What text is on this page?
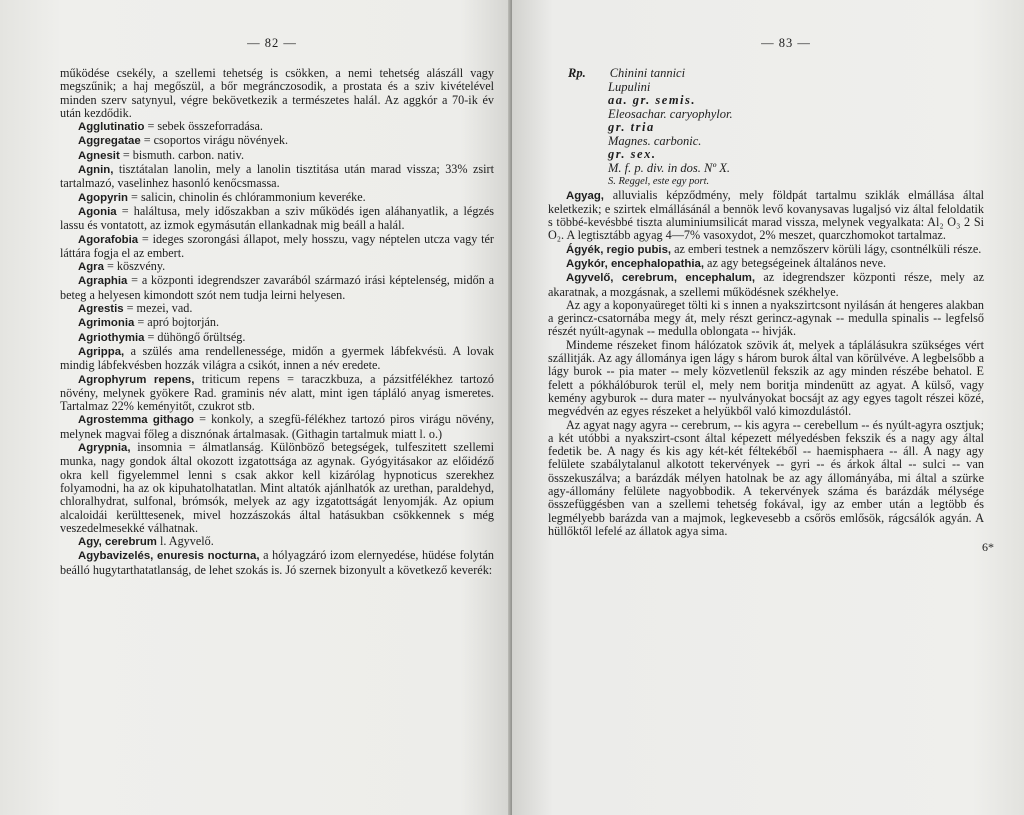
— 82 —

működése csekély, a szellemi tehetség is csökken, a nemi tehetség alászáll vagy megszűnik; a haj megőszül, a bőr megránczosodik, a prostata és a sziv kivételével minden szerv satynyul, végre bekövetkezik a természetes halál. Az aggkór a 70-ik év után kezdődik.

Agglutinatio = sebek összeforradása.

Aggregatae = csoportos virágu növények.

Agnesit = bismuth. carbon. nativ.

Agnin, tisztátalan lanolin, mely a lanolin tisztitása után marad vissza; 33% zsirt tartalmazó, vaselinhez hasonló kenőcsmassa.

Agopyrin = salicin, chinolin és chlórammonium keveréke.

Agonia = haláltusa, mely időszakban a sziv működés igen aláhanyatlik, a légzés lassu és vontatott, az izmok egymásután ellankadnak mig beáll a halál.

Agorafobia = ideges szorongási állapot, mely hosszu, vagy néptelen utcza vagy tér láttára fogja el az embert.

Agra = köszvény.

Agraphia = a központi idegrendszer zavarából származó irási képtelenség, midőn a beteg a helyesen kimondott szót nem tudja leirni helyesen.

Agrestis = mezei, vad.

Agrimonia = apró bojtorján.

Agriothymia = dühöngő őrültség.

Agrippa, a szülés ama rendellenessége, midőn a gyermek lábfekvésü. A lovak mindig lábfekvésben hozzák világra a csikót, innen a név eredete.

Agrophyrum repens, triticum repens = taraczkbuza, a pázsitfélékhez tartozó növény, melynek gyökere Rad. graminis név alatt, mint igen tápláló anyag ismeretes. Tartalmaz 22% keményitőt, czukrot stb.

Agrostemma githago = konkoly, a szegfü-félékhez tartozó piros virágu növény, melynek magvai főleg a disznónak ártalmasak. (Githagin tartalmuk miatt l. o.)

Agrypnia, insomnia = álmatlanság. Különböző betegségek, tulfeszitett szellemi munka, nagy gondok által okozott izgatottsága az agynak. Gyógyitásakor az előidéző okra kell figyelemmel lenni s csak akkor kell kizárólag hypnoticus szerekhez folyamodni, ha az ok kipuhatolhatatlan. Mint altatók ajánlhatók az urethan, paraldehyd, chloralhydrat, sulfonal, brómsók, melyek az agy izgatottságát lenyomják. Az opium alcaloidái kerülttesenek, mivel hozzászokás által hatásukban csökkennek s még veszedelmesekké válhatnak.

Agy, cerebrum l. Agyvelő.

Agybavizelés, enuresis nocturna, a hólyagzáró izom elernyedése, hüdése folytán beálló hugytarthatatlanság, de lehet szokás is. Jó szernek bizonyult a következő keverék:

— 83 —
Rp. Chinini tannici
Lupulini
aa. gr. semis.
Eleosachar. caryophylor.
gr. tria
Magnes. carbonic.
gr. sex.
M. f. p. div. in dos. Nº X.
S. Reggel, este egy port.

Agyag, alluvialis képződmény, mely földpát tartalmu sziklák elmállása által keletkezik; e szirtek elmállásánál a bennök levő kovanysavas lugaljsó viz által feloldatik s többé-kevésbbé tiszta aluminiumsilicát marad vissza, melynek vegyalkata: Al₂ O₃ 2 Si O₂. A legtisztább agyag 4—7% vasoxydot, 2% meszet, quarczhomokot tartalmaz.

Ágyék, regio pubis, az emberi testnek a nemzőszerv körüli lágy, csontnélküli része.

Agykór, encephalopathia, az agy betegségeinek általános neve.

Agyvelő, cerebrum, encephalum, az idegrendszer központi része, mely az akaratnak, a mozgásnak, a szellemi működésnek székhelye.

Az agy a koponyaüreget tölti ki s innen a nyakszirtcsont nyilásán át hengeres alakban a gerincz-csatornába megy át, mely részt gerincz-agynak -- medulla spinalis -- legfelső részét nyúlt-agynak -- medulla oblongata -- hivják.

Mindeme részeket finom hálózatok szövik át, melyek a táplálásukra szükséges vért szállitják. Az agy állománya igen lágy s három burok által van körülvéve. A legbelsőbb a lágy burok -- pia mater -- mely közvetlenül fekszik az agy minden részébe behatol. E felett a pókhálóburok terül el, mely nem boritja mindenütt az agyat. A külső, vagy kemény agyburok -- dura mater -- nyulványokat bocsájt az agy egyes tagolt részei közé, megvédvén az egyes részeket a helyükből való kimozdulástól.

Az agyat nagy agyra -- cerebrum, -- kis agyra -- cerebellum -- és nyúlt-agyra osztjuk; a két utóbbi a nyakszirt-csont által képezett mélyedésben fekszik és a nagy agy által fedetik be. A nagy és kis agy két-két féltekéből -- haemisphaera -- áll. A nagy agy felülete szabálytalanul alkotott tekervények -- gyri -- és árkok által -- sulci -- van összekuszálva; a barázdák mélyen hatolnak be az agy állományába, mi által a szürke agy-állomány felülete nagyobbodik. A tekervények száma és barázdák mélysége összefüggésben van a szellemi tehetség fokával, igy az ember után a legtöbb és legmélyebb barázda van a majmok, legkevesebb a csőrös emlősök, rágcsálók agyán. A hüllőktől lefelé az állatok agya sima.

6*
